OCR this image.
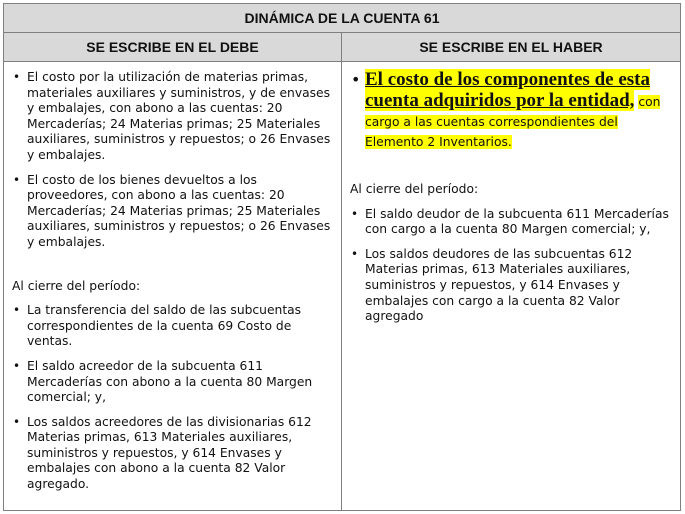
DINÁMICA DE LA CUENTA 61
SE ESCRIBE EN EL DEBE	SE ESCRIBE EN EL HABER
• El costo por la utilización de materias primas, materiales auxiliares y suministros, y de envases y embalajes, con abono a las cuentas: 20 Mercaderías; 24 Materias primas; 25 Materiales auxiliares, suministros y repuestos; o 26 Envases y embalajes.
• El costo de los bienes devueltos a los proveedores, con abono a las cuentas: 20 Mercaderías; 24 Materias primas; 25 Materiales auxiliares, suministros y repuestos; o 26 Envases y embalajes.
Al cierre del período:
• La transferencia del saldo de las subcuentas correspondientes de la cuenta 69 Costo de ventas.
• El saldo acreedor de la subcuenta 611 Mercaderías con abono a la cuenta 80 Margen comercial; y,
• Los saldos acreedores de las divisionarias 612 Materias primas, 613 Materiales auxiliares, suministros y repuestos, y 614 Envases y embalajes con abono a la cuenta 82 Valor agregado.
• El costo de los componentes de esta cuenta adquiridos por la entidad, con cargo a las cuentas correspondientes del Elemento 2 Inventarios.
Al cierre del período:
• El saldo deudor de la subcuenta 611 Mercaderías con cargo a la cuenta 80 Margen comercial; y,
• Los saldos deudores de las subcuentas 612 Materias primas, 613 Materiales auxiliares, suministros y repuestos, y 614 Envases y embalajes con cargo a la cuenta 82 Valor agregado
